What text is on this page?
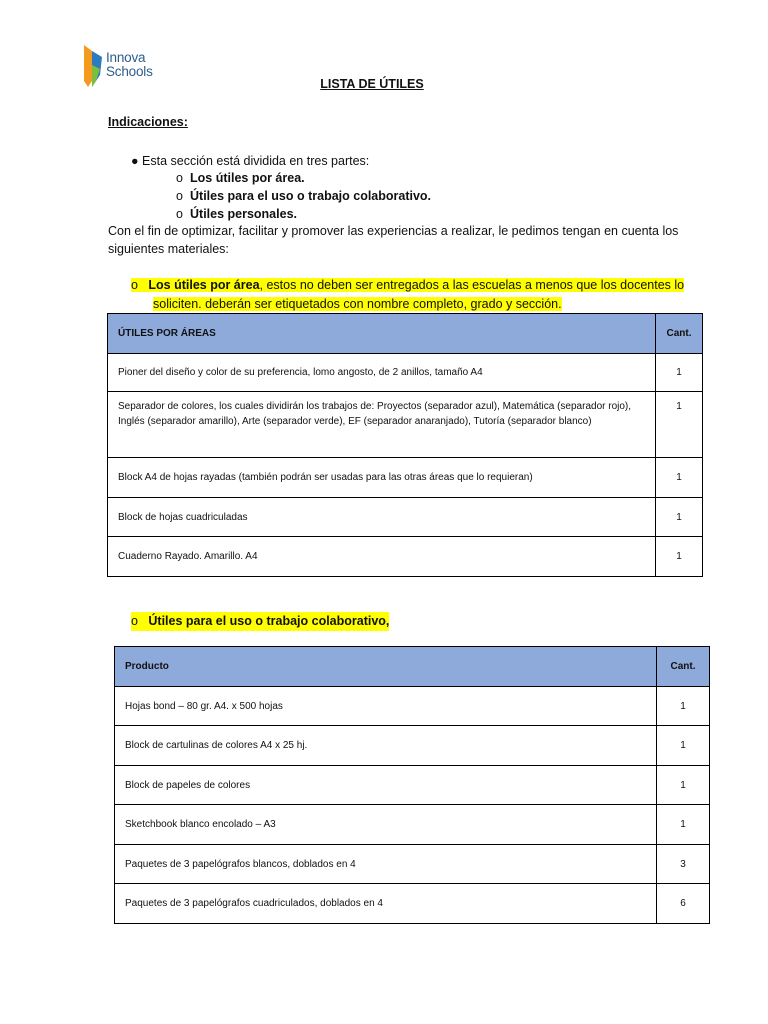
Innova
Schools
LISTA DE ÚTILES
Indicaciones:
● Esta sección está dividida en tres partes:
o Los útiles por área.
o Útiles para el uso o trabajo colaborativo.
o Útiles personales.
Con el fin de optimizar, facilitar y promover las experiencias a realizar, le pedimos tengan en cuenta los siguientes materiales:
o Los útiles por área, estos no deben ser entregados a las escuelas a menos que los docentes lo
soliciten. deberán ser etiquetados con nombre completo, grado y sección.
ÚTILES POR ÁREAS	Cant.
Pioner del diseño y color de su preferencia, lomo angosto, de 2 anillos, tamaño A4	1
Separador de colores, los cuales dividirán los trabajos de: Proyectos (separador azul), Matemática (separador rojo), Inglés (separador amarillo), Arte (separador verde), EF (separador anaranjado), Tutoría (separador blanco)	1
Block A4 de hojas rayadas (también podrán ser usadas para las otras áreas que lo requieran)	1
Block de hojas cuadriculadas	1
Cuaderno Rayado. Amarillo. A4	1
o Útiles para el uso o trabajo colaborativo,
Producto	Cant.
Hojas bond – 80 gr. A4. x 500 hojas	1
Block de cartulinas de colores A4 x 25 hj.	1
Block de papeles de colores	1
Sketchbook blanco encolado – A3	1
Paquetes de 3 papelógrafos blancos, doblados en 4	3
Paquetes de 3 papelógrafos cuadriculados, doblados en 4	6
